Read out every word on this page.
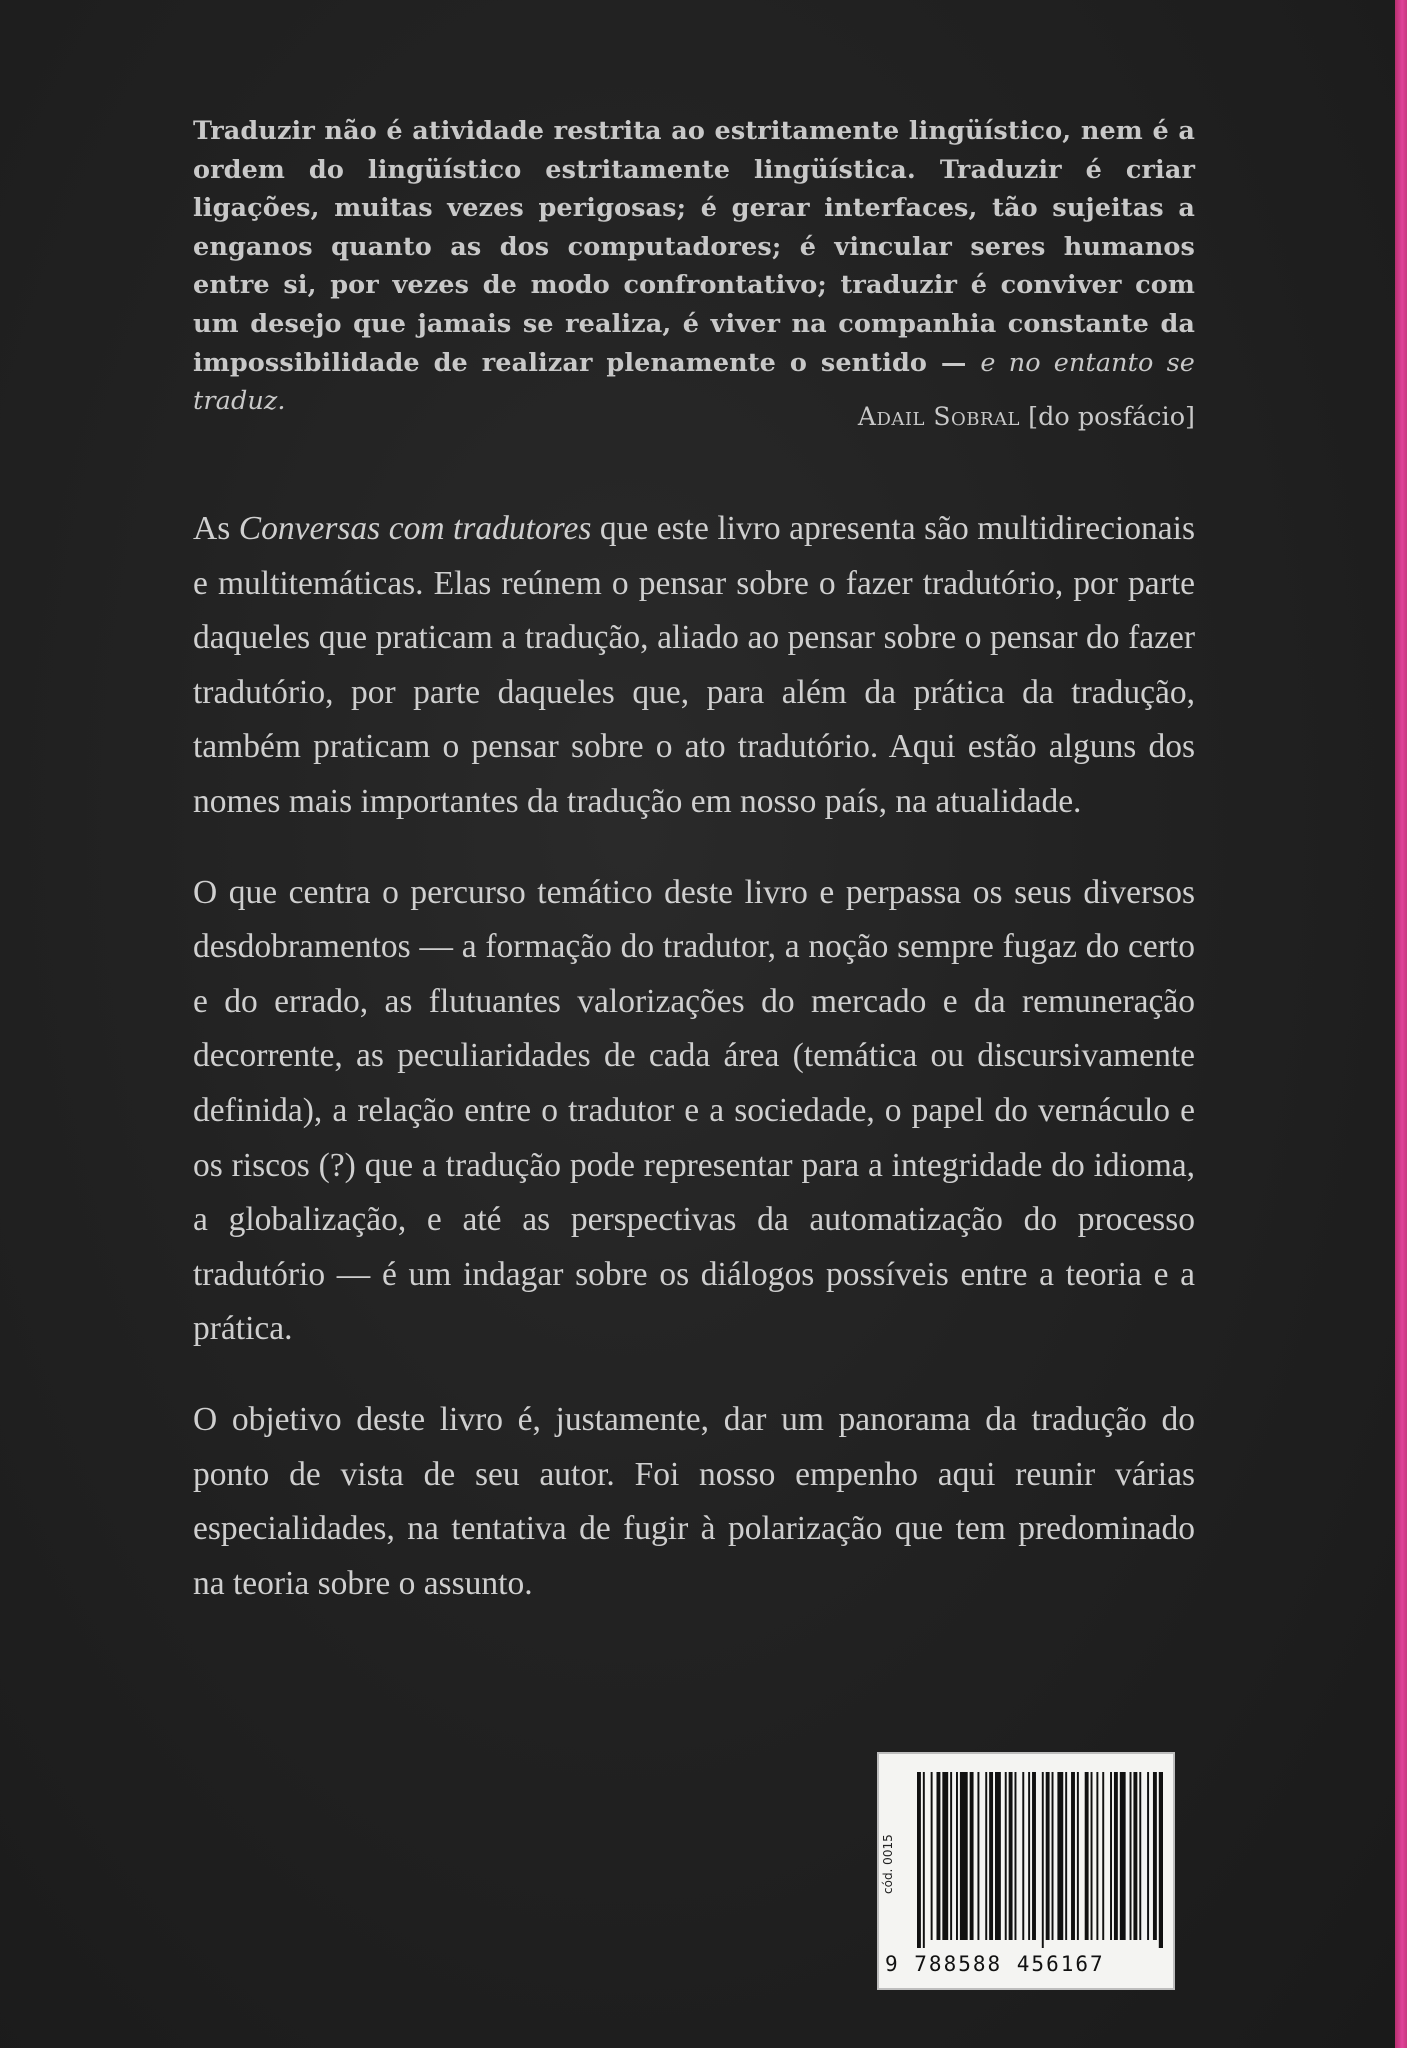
Traduzir não é atividade restrita ao estritamente lingüístico, nem é a ordem do lingüístico estritamente lingüística. Traduzir é criar ligações, muitas vezes perigosas; é gerar interfaces, tão sujeitas a enganos quanto as dos computadores; é vincular seres humanos entre si, por vezes de modo confrontativo; traduzir é conviver com um desejo que jamais se realiza, é viver na companhia constante da impossibilidade de realizar plenamente o sentido — e no entanto se traduz.

Adail Sobral [do posfácio]

As Conversas com tradutores que este livro apresenta são multidirecionais e multitemáticas. Elas reúnem o pensar sobre o fazer tradutório, por parte daqueles que praticam a tradução, aliado ao pensar sobre o pensar do fazer tradutório, por parte daqueles que, para além da prática da tradução, também praticam o pensar sobre o ato tradutório. Aqui estão alguns dos nomes mais importantes da tradução em nosso país, na atualidade.

O que centra o percurso temático deste livro e perpassa os seus diversos desdobramentos — a formação do tradutor, a noção sempre fugaz do certo e do errado, as flutuantes valorizações do mercado e da remuneração decorrente, as peculiaridades de cada área (temática ou discursivamente definida), a relação entre o tradutor e a sociedade, o papel do vernáculo e os riscos (?) que a tradução pode representar para a integridade do idioma, a globalização, e até as perspectivas da automatização do processo tradutório — é um indagar sobre os diálogos possíveis entre a teoria e a prática.

O objetivo deste livro é, justamente, dar um panorama da tradução do ponto de vista de seu autor. Foi nosso empenho aqui reunir várias especialidades, na tentativa de fugir à polarização que tem predominado na teoria sobre o assunto.

cód. 0015
9 788588 456167
